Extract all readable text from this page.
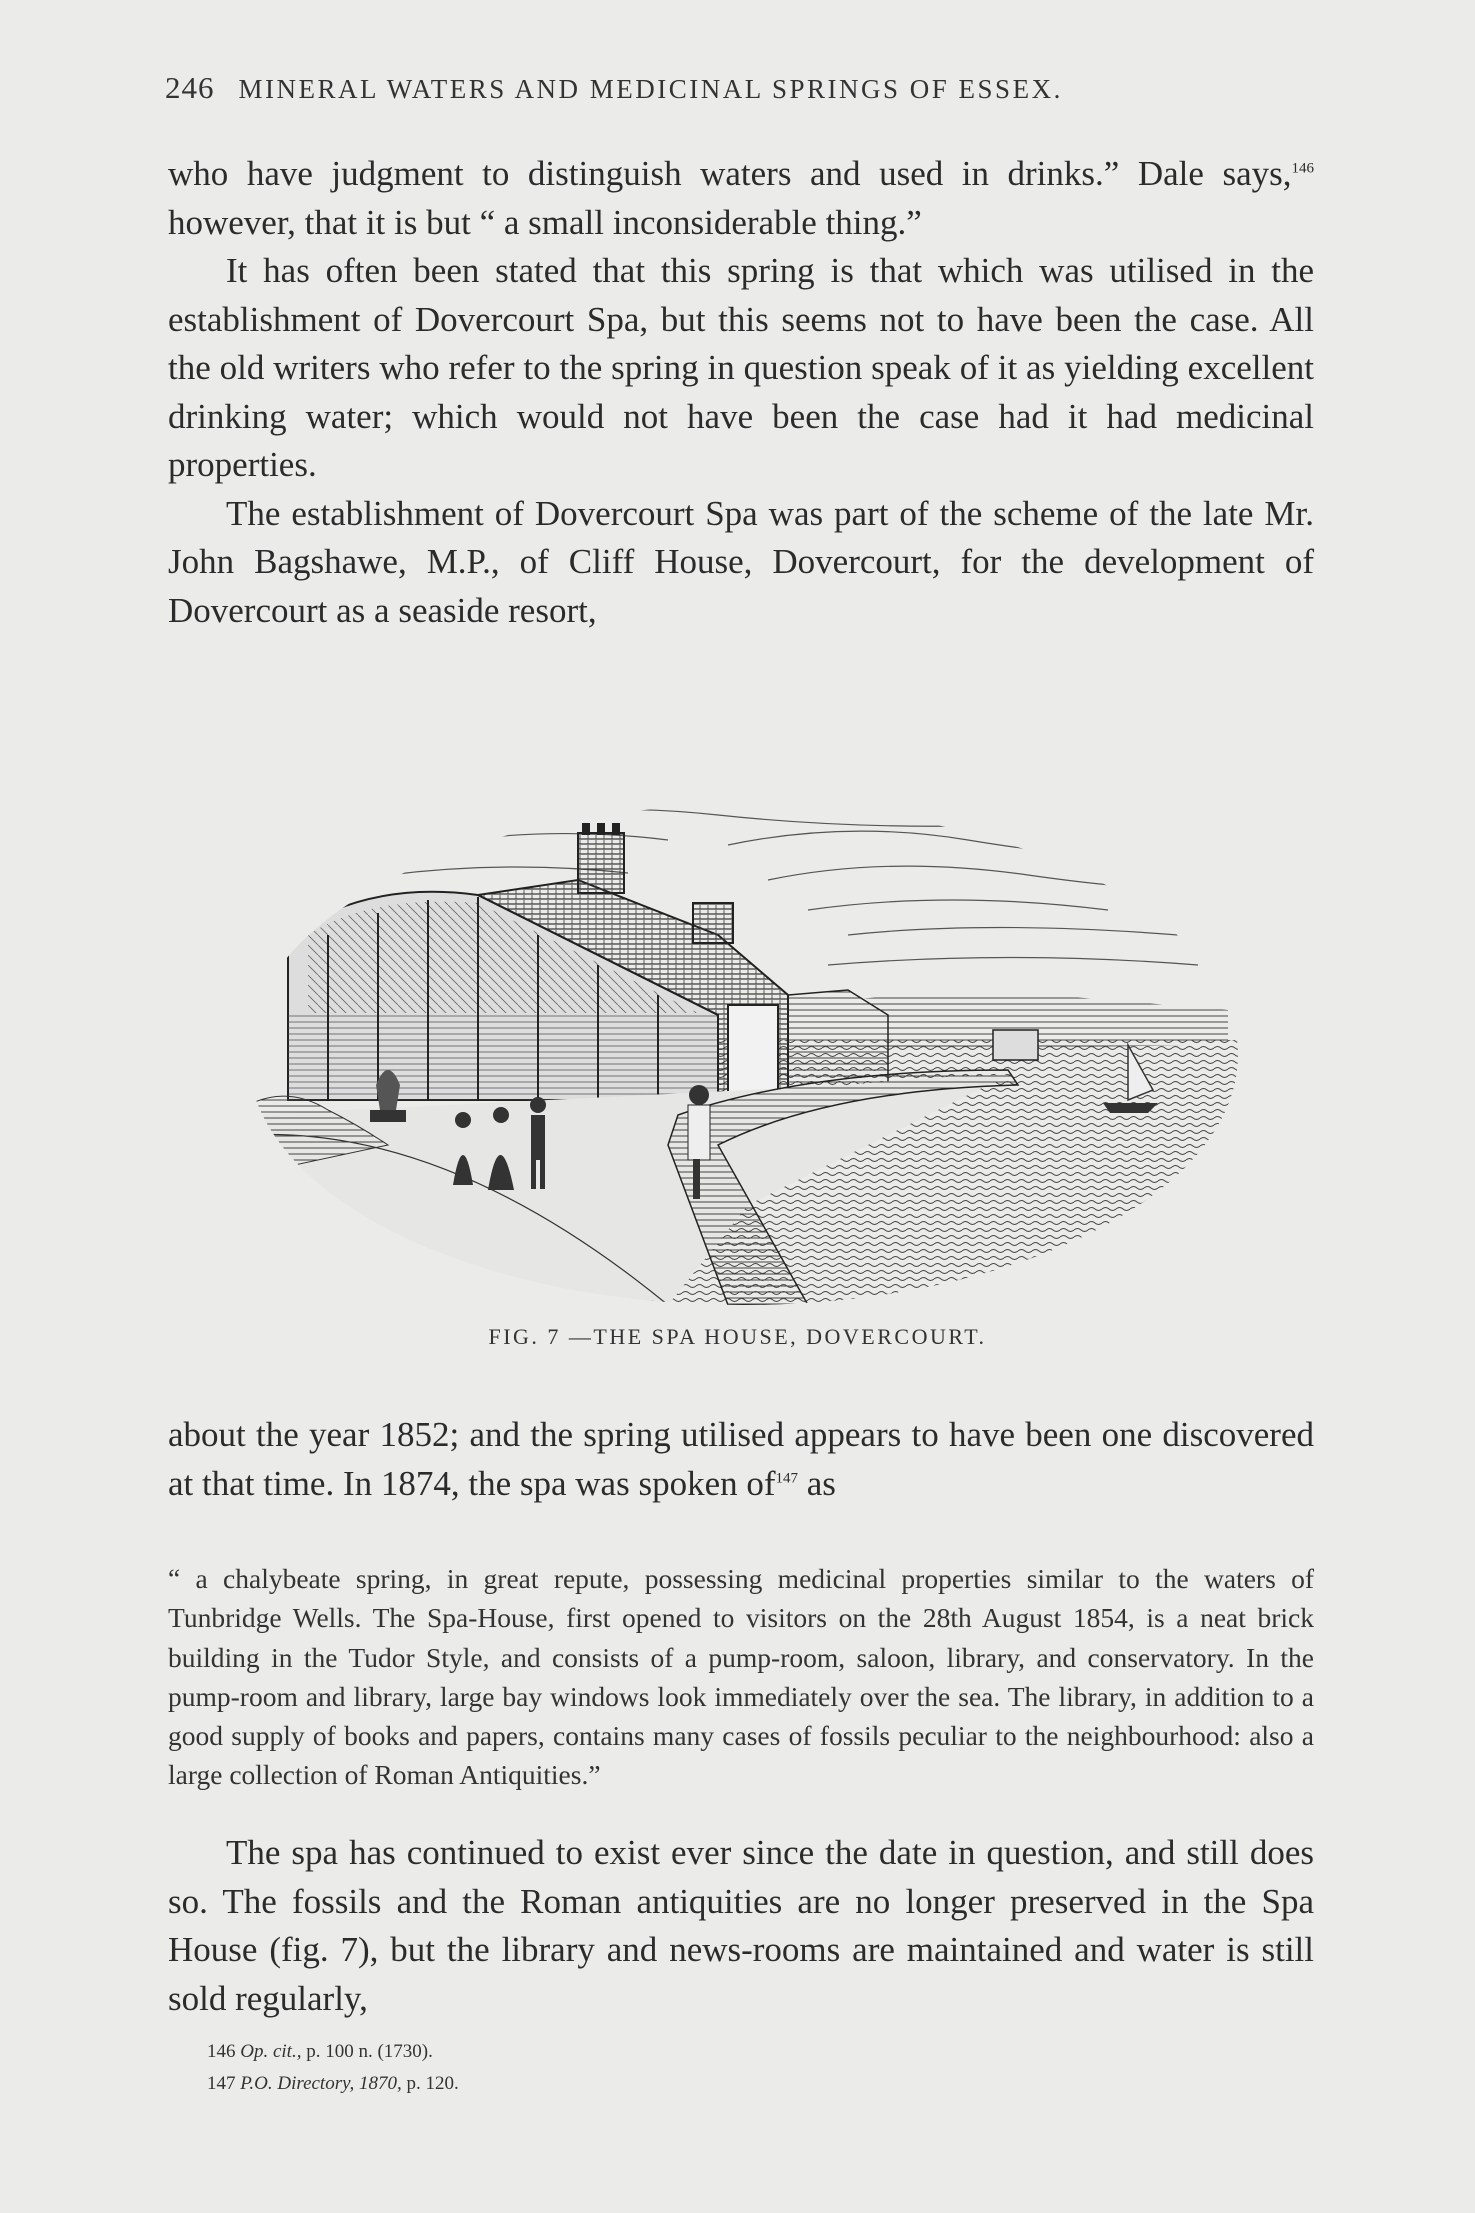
246 MINERAL WATERS AND MEDICINAL SPRINGS OF ESSEX.

who have judgment to distinguish waters and used in drinks.” Dale says,$^{146}$ however, that it is but “ a small inconsiderable thing.”

It has often been stated that this spring is that which was utilised in the establishment of Dovercourt Spa, but this seems not to have been the case. All the old writers who refer to the spring in question speak of it as yielding excellent drinking water; which would not have been the case had it had medicinal properties.

The establishment of Dovercourt Spa was part of the scheme of the late Mr. John Bagshawe, M.P., of Cliff House, Dovercourt, for the development of Dovercourt as a seaside resort,

FIG. 7 —THE SPA HOUSE, DOVERCOURT.

about the year 1852; and the spring utilised appears to have been one discovered at that time. In 1874, the spa was spoken $of^{147}$ as

“ a chalybeate spring, in great repute, possessing medicinal properties similar to the waters of Tunbridge Wells. The Spa-House, first opened to visitors on the 28th August 1854, is a neat brick building in the Tudor Style, and consists of a pump-room, saloon, library, and conservatory. In the pump-room and library, large bay windows look immediately over the sea. The library, in addition to a good supply of books and papers, contains many cases of fossils peculiar to the neighbourhood: also a large collection of Roman Antiquities.”

The spa has continued to exist ever since the date in question, and still does so. The fossils and the Roman antiquities are no longer preserved in the Spa House (fig. 7), but the library and news-rooms are maintained and water is still sold regularly,

146 Op. cit., p. 100 n. (1730).

147 P.O. Directory, 1870, p. 120.
